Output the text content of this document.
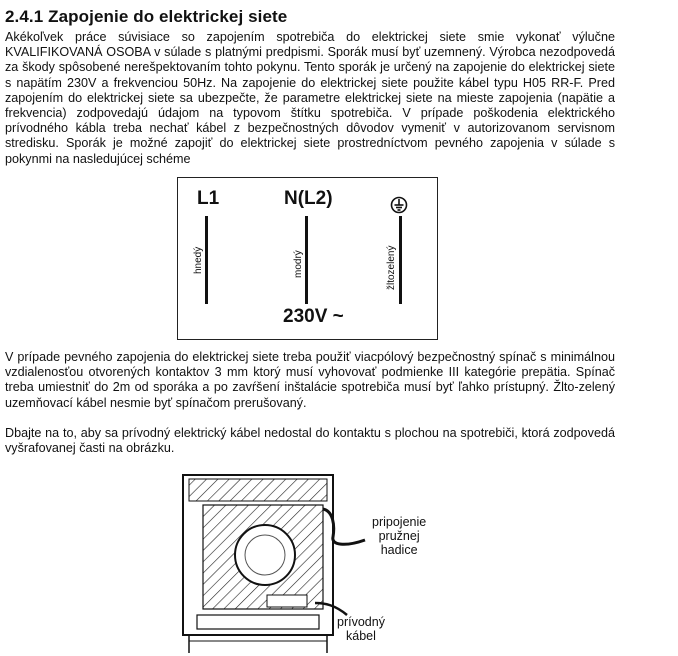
2.4.1 Zapojenie do elektrickej siete

Akékoľvek práce súvisiace so zapojením spotrebiča do elektrickej siete smie vykonať výlučne KVALIFIKOVANÁ OSOBA v súlade s platnými predpismi. Sporák musí byť uzemnený. Výrobca nezodpovedá za škody spôsobené nerešpektovaním tohto pokynu. Tento sporák je určený na zapojenie do elektrickej siete s napätím 230V a frekvenciou 50Hz. Na zapojenie do elektrickej siete použite kábel typu H05 RR-F. Pred zapojením do elektrickej siete sa ubezpečte, že parametre elektrickej siete na mieste zapojenia (napätie a frekvencia) zodpovedajú údajom na typovom štítku spotrebiča. V prípade poškodenia elektrického prívodného kábla treba nechať kábel z bezpečnostných dôvodov vymeniť v autorizovanom servisnom stredisku. Sporák je možné zapojiť do elektrickej siete prostredníctvom pevného zapojenia v súlade s pokynmi na nasledujúcej schéme

L1	N(L2)
hnedý	modrý	žltozelený
230V ~

V prípade pevného zapojenia do elektrickej siete treba použiť viacpólový bezpečnostný spínač s minimálnou vzdialenosťou otvorených kontaktov 3 mm ktorý musí vyhovovať podmienke III kategórie prepätia. Spínač treba umiestniť do 2m od sporáka a po zavŕšení inštalácie spotrebiča musí byť ľahko prístupný. Žlto-zelený uzemňovací kábel nesmie byť spínačom prerušovaný.

Dbajte na to, aby sa prívodný elektrický kábel nedostal do kontaktu s plochou na spotrebiči, ktorá zodpovedá vyšrafovanej časti na obrázku.

pripojenie
pružnej
hadice
prívodný
kábel
